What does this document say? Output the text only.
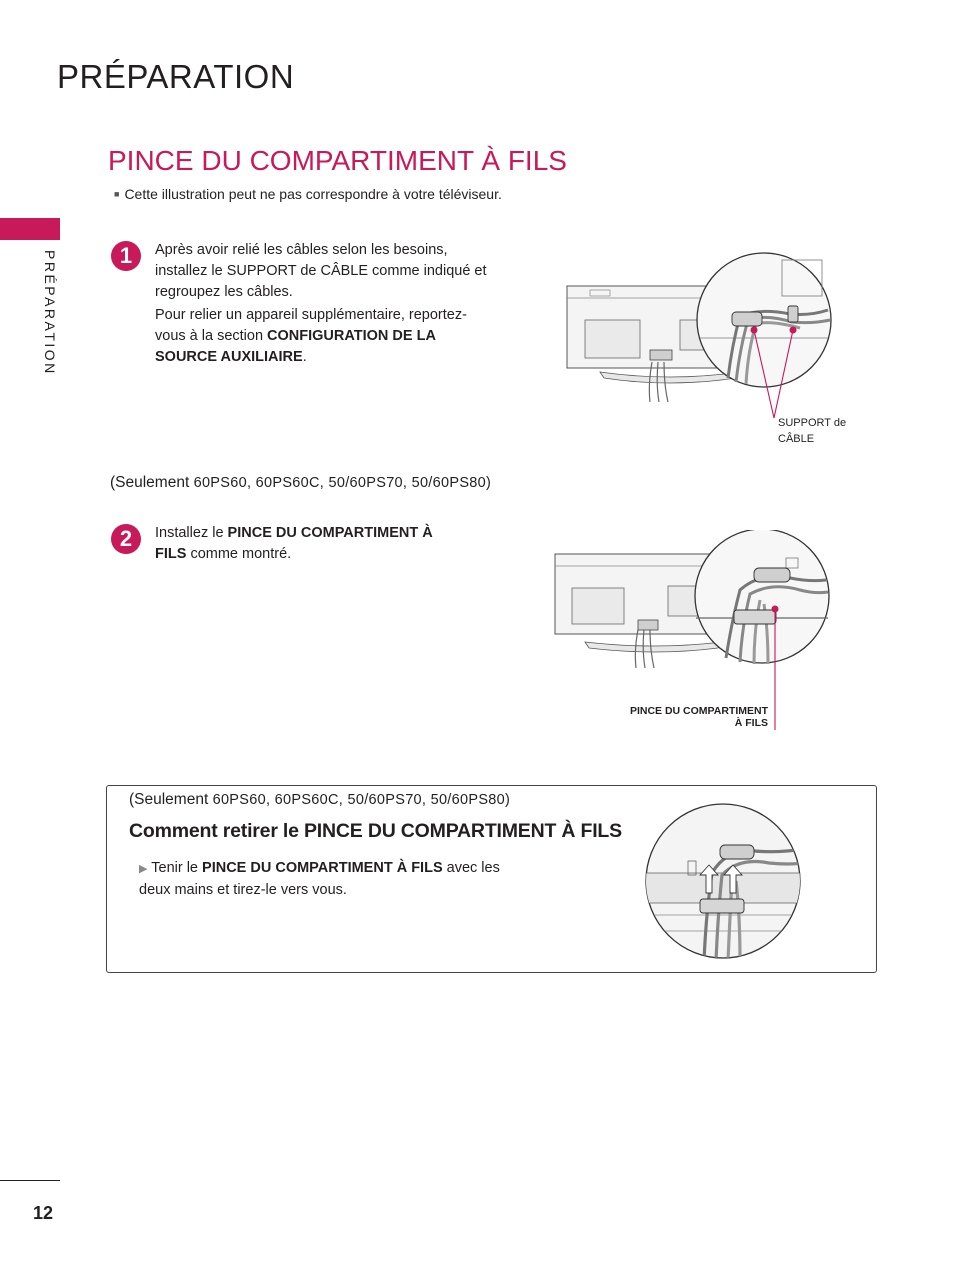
PRÉPARATION
PRÉPARATION
PINCE DU COMPARTIMENT À FILS
■ Cette illustration peut ne pas correspondre à votre téléviseur.
1	Après avoir relié les câbles selon les besoins, installez le SUPPORT de CÂBLE comme indiqué et regroupez les câbles.
Pour relier un appareil supplémentaire, reportez-vous à la section CONFIGURATION DE LA SOURCE AUXILIAIRE.
SUPPORT de
CÂBLE
(Seulement 60PS60, 60PS60C, 50/60PS70, 50/60PS80)
2	Installez le PINCE DU COMPARTIMENT À FILS comme montré.
PINCE DU COMPARTIMENT
À FILS
(Seulement 60PS60, 60PS60C, 50/60PS70, 50/60PS80)
Comment retirer le PINCE DU COMPARTIMENT À FILS
▶ Tenir le PINCE DU COMPARTIMENT À FILS avec les deux mains et tirez-le vers vous.
12
